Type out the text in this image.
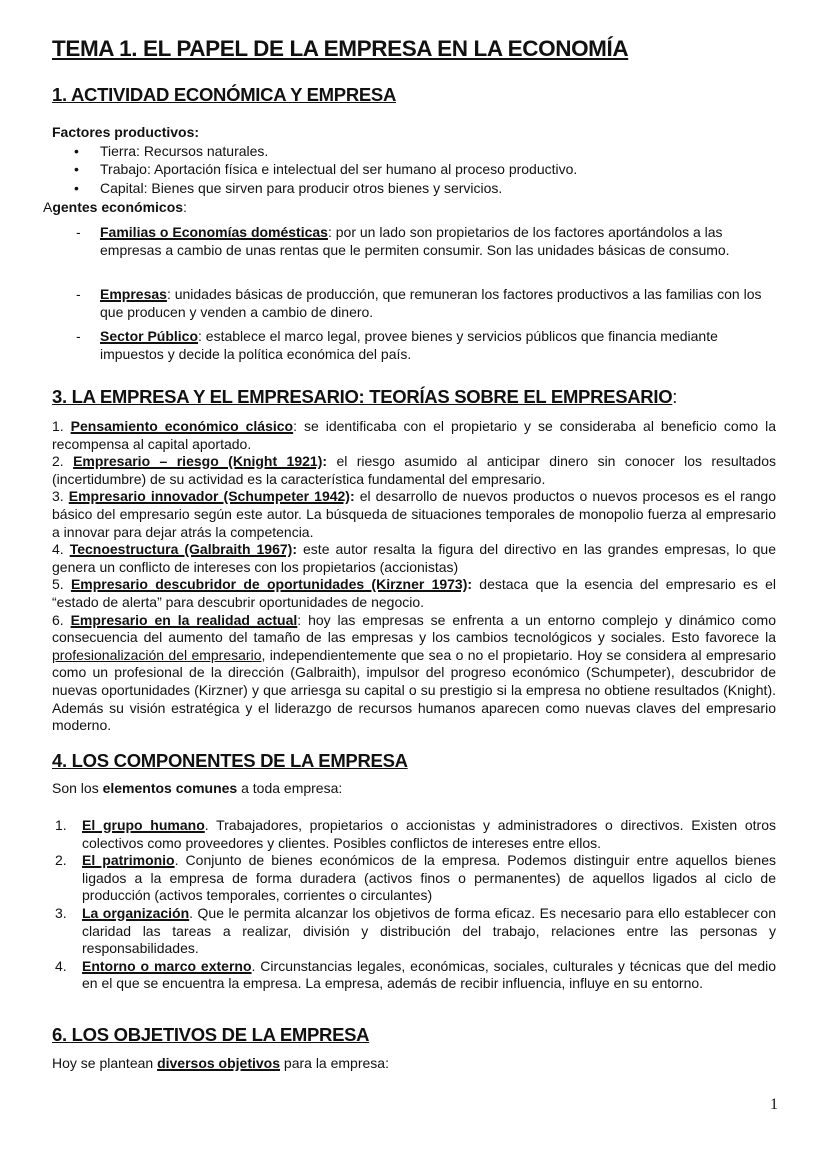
TEMA 1. EL PAPEL DE LA EMPRESA EN LA ECONOMÍA
1. ACTIVIDAD ECONÓMICA Y EMPRESA
Factores productivos:
• Tierra: Recursos naturales.
• Trabajo: Aportación física e intelectual del ser humano al proceso productivo.
• Capital: Bienes que sirven para producir otros bienes y servicios.
Agentes económicos:
- Familias o Economías domésticas: por un lado son propietarios de los factores aportándolos a las empresas a cambio de unas rentas que le permiten consumir. Son las unidades básicas de consumo.
- Empresas: unidades básicas de producción, que remuneran los factores productivos a las familias con los que producen y venden a cambio de dinero.
- Sector Público: establece el marco legal, provee bienes y servicios públicos que financia mediante impuestos y decide la política económica del país.
3. LA EMPRESA Y EL EMPRESARIO: TEORÍAS SOBRE EL EMPRESARIO:
1. Pensamiento económico clásico: se identificaba con el propietario y se consideraba al beneficio como la recompensa al capital aportado.
2. Empresario – riesgo (Knight 1921): el riesgo asumido al anticipar dinero sin conocer los resultados (incertidumbre) de su actividad es la característica fundamental del empresario.
3. Empresario innovador (Schumpeter 1942): el desarrollo de nuevos productos o nuevos procesos es el rango básico del empresario según este autor. La búsqueda de situaciones temporales de monopolio fuerza al empresario a innovar para dejar atrás la competencia.
4. Tecnoestructura (Galbraith 1967): este autor resalta la figura del directivo en las grandes empresas, lo que genera un conflicto de intereses con los propietarios (accionistas)
5. Empresario descubridor de oportunidades (Kirzner 1973): destaca que la esencia del empresario es el “estado de alerta” para descubrir oportunidades de negocio.
6. Empresario en la realidad actual: hoy las empresas se enfrenta a un entorno complejo y dinámico como consecuencia del aumento del tamaño de las empresas y los cambios tecnológicos y sociales. Esto favorece la profesionalización del empresario, independientemente que sea o no el propietario. Hoy se considera al empresario como un profesional de la dirección (Galbraith), impulsor del progreso económico (Schumpeter), descubridor de nuevas oportunidades (Kirzner) y que arriesga su capital o su prestigio si la empresa no obtiene resultados (Knight). Además su visión estratégica y el liderazgo de recursos humanos aparecen como nuevas claves del empresario moderno.
4. LOS COMPONENTES DE LA EMPRESA
Son los elementos comunes a toda empresa:
1. El grupo humano. Trabajadores, propietarios o accionistas y administradores o directivos. Existen otros colectivos como proveedores y clientes. Posibles conflictos de intereses entre ellos.
2. El patrimonio. Conjunto de bienes económicos de la empresa. Podemos distinguir entre aquellos bienes ligados a la empresa de forma duradera (activos finos o permanentes) de aquellos ligados al ciclo de producción (activos temporales, corrientes o circulantes)
3. La organización. Que le permita alcanzar los objetivos de forma eficaz. Es necesario para ello establecer con claridad las tareas a realizar, división y distribución del trabajo, relaciones entre las personas y responsabilidades.
4. Entorno o marco externo. Circunstancias legales, económicas, sociales, culturales y técnicas que del medio en el que se encuentra la empresa. La empresa, además de recibir influencia, influye en su entorno.
6. LOS OBJETIVOS DE LA EMPRESA
Hoy se plantean diversos objetivos para la empresa:
1
